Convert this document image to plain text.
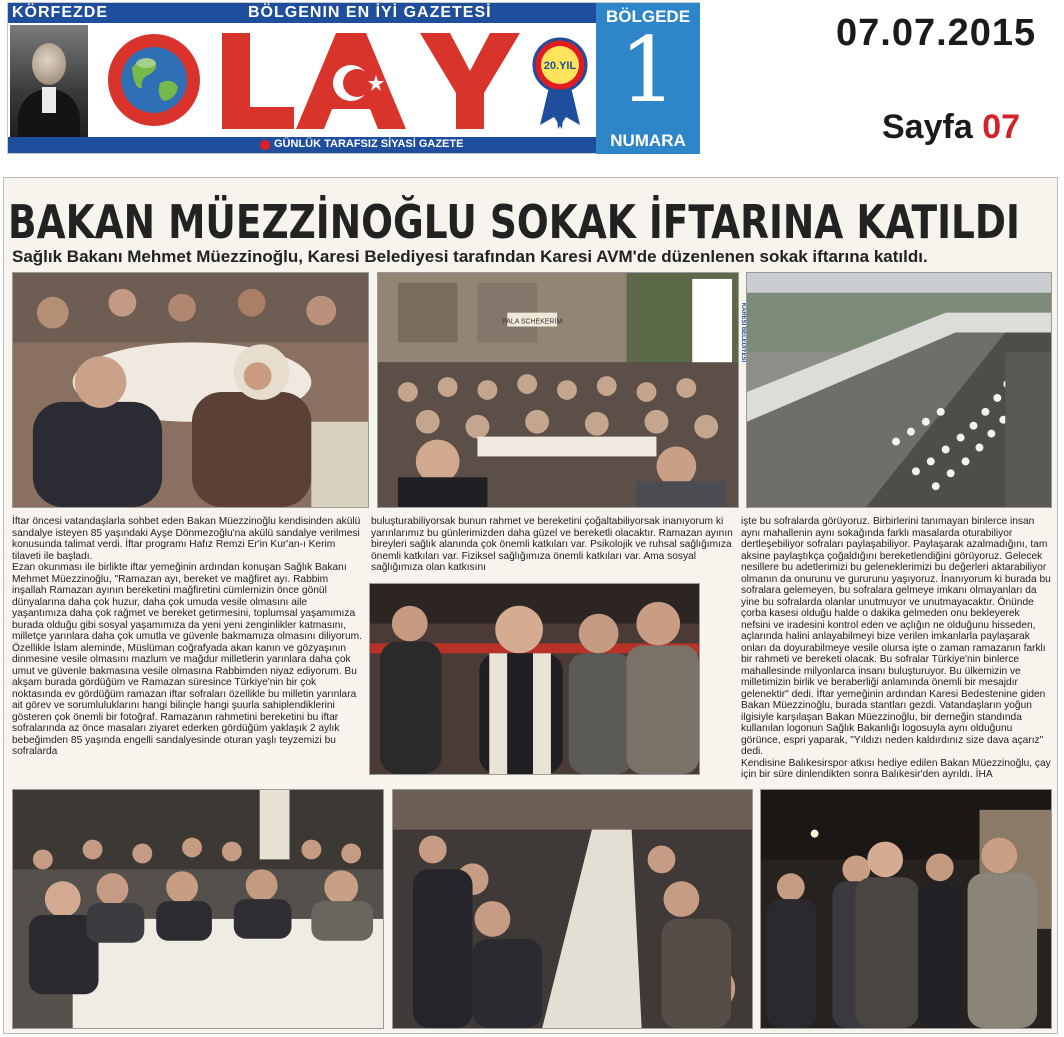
KÖRFEZDE	BÖLGENIN EN İYİ GAZETESİ
20.YIL
GÜNLÜK TARAFSIZ SİYASİ GAZETE
BÖLGEDE
1
NUMARA
07.07.2015
Sayfa 07
BAKAN MÜEZZİNOĞLU SOKAK İFTARINA KATILDI
Sağlık Bakanı Mehmet Müezzinoğlu, Karesi Belediyesi tarafından Karesi AVM'de düzenlenen sokak iftarına katıldı.
PALA SCHEKERİM	KARESİ BELEDİYESİ

İftar öncesi vatandaşlarla sohbet eden Bakan Müezzinoğlu kendisinden akülü sandalye isteyen 85 yaşındaki Ayşe Dönmezoğlu'na akülü sandalye verilmesi konusunda talimat verdi. İftar programı Hafız Remzi Er'in Kur'an-ı Kerim tilaveti ile başladı.

Ezan okunması ile birlikte iftar yemeğinin ardından konuşan Sağlık Bakanı Mehmet Müezzinoğlu, "Ramazan ayı, bereket ve mağfiret ayı. Rabbim inşallah Ramazan ayının bereketini mağfiretini cümlemizin önce gönül dünyalarına daha çok huzur, daha çok umuda vesile olmasını aile yaşantımıza daha çok rağmet ve bereket getirmesini, toplumsal yaşamımıza burada olduğu gibi sosyal yaşamımıza da yeni yeni zenginlikler katmasını, milletçe yarınlara daha çok umutla ve güvenle bakmamıza olmasını diliyorum. Özellikle İslam aleminde, Müslüman coğrafyada akan kanın ve gözyaşının dinmesine vesile olmasını mazlum ve mağdur milletlerin yarınlara daha çok umut ve güvenle bakmasına vesile olmasına Rabbimden niyaz ediyorum. Bu akşam burada gördüğüm ve Ramazan süresince Türkiye'nin bir çok noktasında ev gördüğüm ramazan iftar sofraları özellikle bu milletin yarınlara ait görev ve sorumluluklarını hangi bilinçle hangi şuurla sahiplendiklerini gösteren çok önemli bir fotoğraf. Ramazanın rahmetini bereketini bu iftar sofralarında az önce masaları ziyaret ederken gördüğüm yaklaşık 2 aylık bebeğimden 85 yaşında engelli sandalyesinde oturan yaşlı teyzemizi bu sofralarda

buluşturabiliyorsak bunun rahmet ve bereketini çoğaltabiliyorsak inanıyorum ki yarınlarımız bu günlerimizden daha güzel ve bereketli olacaktır. Ramazan ayının bireyleri sağlık alanında çok önemli katkıları var. Psikolojik ve ruhsal sağlığımıza önemli katkıları var. Fiziksel sağlığımıza önemli katkıları var. Ama sosyal sağlığımıza olan katkısını

işte bu sofralarda görüyoruz. Birbirlerini tanımayan binlerce insan aynı mahallenin aynı sokağında farklı masalarda oturabiliyor dertleşebiliyor sofraları paylaşabiliyor. Paylaşarak azalmadığını, tam aksine paylaştıkça çoğaldığını bereketlendiğini görüyoruz. Gelecek nesillere bu adetlerimizi bu geleneklerimizi bu değerleri aktarabiliyor olmanın da onurunu ve gururunu yaşıyoruz. İnanıyorum ki burada bu sofralara gelemeyen, bu sofralara gelmeye imkanı olmayanları da yine bu sofralarda olanlar unutmuyor ve unutmayacaktır. Önünde çorba kasesi olduğu halde o dakika gelmeden onu bekleyerek nefsini ve iradesini kontrol eden ve açlığın ne olduğunu hisseden, açlarında halini anlayabilmeyi bize verilen imkanlarla paylaşarak onları da doyurabilmeye vesile olursa işte o zaman ramazanın farklı bir rahmeti ve bereketi olacak. Bu sofralar Türkiye'nin binlerce mahallesinde milyonlarca insanı buluşturuyor. Bu ülkemizin ve milletimizin birlik ve beraberliği anlamında önemli bir mesajdır gelenektir" dedi. İftar yemeğinin ardından Karesi Bedestenine giden Bakan Müezzinoğlu, burada stantları gezdi. Vatandaşların yoğun ilgisiyle karşılaşan Bakan Müezzinoğlu, bir derneğin standında kullanılan logonun Sağlık Bakanlığı logosuyla aynı olduğunu görünce, espri yaparak, "Yıldızı neden kaldırdınız size dava açarız" dedi.

Kendisine Balıkesirspor atkısı hediye edilen Bakan Müezzinoğlu, çay için bir süre dinlendikten sonra Balıkesir'den ayrıldı. İHA
